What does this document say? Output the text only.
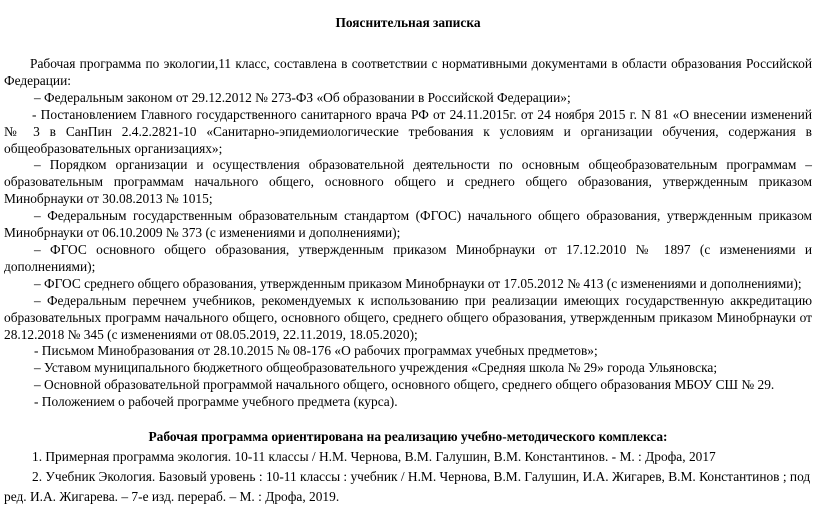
Пояснительная записка

Рабочая программа по экологии,11 класс, составлена в соответствии с нормативными документами в области образования Российской Федерации:

– Федеральным законом от 29.12.2012 № 273-ФЗ «Об образовании в Российской Федерации»;

- Постановлением Главного государственного санитарного врача РФ от 24.11.2015г. от 24 ноября 2015 г. N 81 «О внесении изменений № 3 в СанПин 2.4.2.2821-10 «Санитарно-эпидемиологические требования к условиям и организации обучения, содержания в общеобразовательных организациях»;

– Порядком организации и осуществления образовательной деятельности по основным общеобразовательным программам – образовательным программам начального общего, основного общего и среднего общего образования, утвержденным приказом Минобрнауки от 30.08.2013 № 1015;

– Федеральным государственным образовательным стандартом (ФГОС) начального общего образования, утвержденным приказом Минобрнауки от 06.10.2009 № 373 (с изменениями и дополнениями);

– ФГОС основного общего образования, утвержденным приказом Минобрнауки от 17.12.2010 № 1897 (с изменениями и дополнениями);

– ФГОС среднего общего образования, утвержденным приказом Минобрнауки от 17.05.2012 № 413 (с изменениями и дополнениями);

– Федеральным перечнем учебников, рекомендуемых к использованию при реализации имеющих государственную аккредитацию образовательных программ начального общего, основного общего, среднего общего образования, утвержденным приказом Минобрнауки от 28.12.2018 № 345 (с изменениями от 08.05.2019, 22.11.2019, 18.05.2020);

- Письмом Минобразования от 28.10.2015 № 08-176 «О рабочих программах учебных предметов»;

– Уставом муниципального бюджетного общеобразовательного учреждения «Средняя школа № 29» города Ульяновска;

– Основной образовательной программой начального общего, основного общего, среднего общего образования МБОУ СШ № 29.

- Положением о рабочей программе учебного предмета (курса).

Рабочая программа ориентирована на реализацию учебно-методического комплекса:

1. Примерная программа экология. 10-11 классы / Н.М. Чернова, В.М. Галушин, В.М. Константинов. - М. : Дрофа, 2017

2. Учебник Экология. Базовый уровень : 10-11 классы : учебник / Н.М. Чернова, В.М. Галушин, И.А. Жигарев, В.М. Константинов ; под ред. И.А. Жигарева. – 7-е изд. перераб. – М. : Дрофа, 2019.
